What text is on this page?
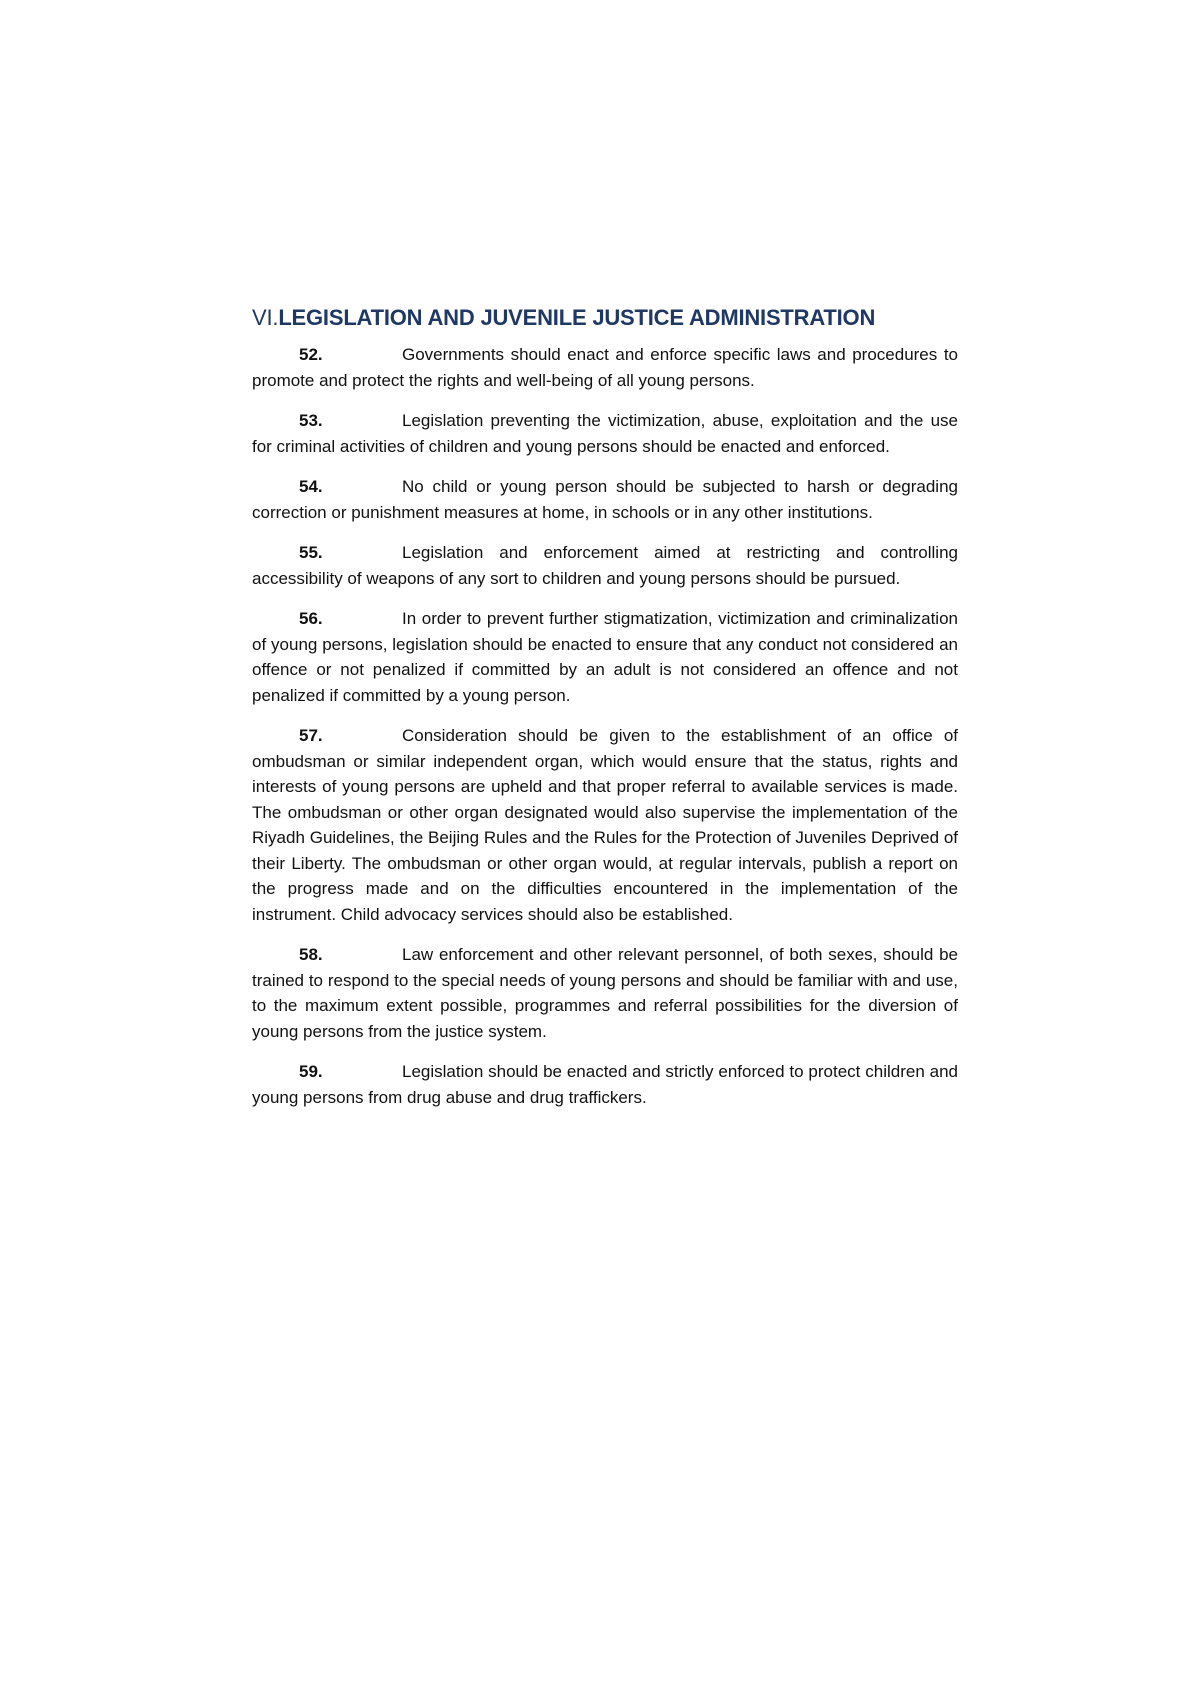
VI.LEGISLATION AND JUVENILE JUSTICE ADMINISTRATION

52.	Governments should enact and enforce specific laws and procedures to promote and protect the rights and well-being of all young persons.

53.	Legislation preventing the victimization, abuse, exploitation and the use for criminal activities of children and young persons should be enacted and enforced.

54.	No child or young person should be subjected to harsh or degrading correction or punishment measures at home, in schools or in any other institutions.

55.	Legislation and enforcement aimed at restricting and controlling accessibility of weapons of any sort to children and young persons should be pursued.

56.	In order to prevent further stigmatization, victimization and criminalization of young persons, legislation should be enacted to ensure that any conduct not considered an offence or not penalized if committed by an adult is not considered an offence and not penalized if committed by a young person.

57.	Consideration should be given to the establishment of an office of ombudsman or similar independent organ, which would ensure that the status, rights and interests of young persons are upheld and that proper referral to available services is made. The ombudsman or other organ designated would also supervise the implementation of the Riyadh Guidelines, the Beijing Rules and the Rules for the Protection of Juveniles Deprived of their Liberty. The ombudsman or other organ would, at regular intervals, publish a report on the progress made and on the difficulties encountered in the implementation of the instrument. Child advocacy services should also be established.

58.	Law enforcement and other relevant personnel, of both sexes, should be trained to respond to the special needs of young persons and should be familiar with and use, to the maximum extent possible, programmes and referral possibilities for the diversion of young persons from the justice system.

59.	Legislation should be enacted and strictly enforced to protect children and young persons from drug abuse and drug traffickers.
